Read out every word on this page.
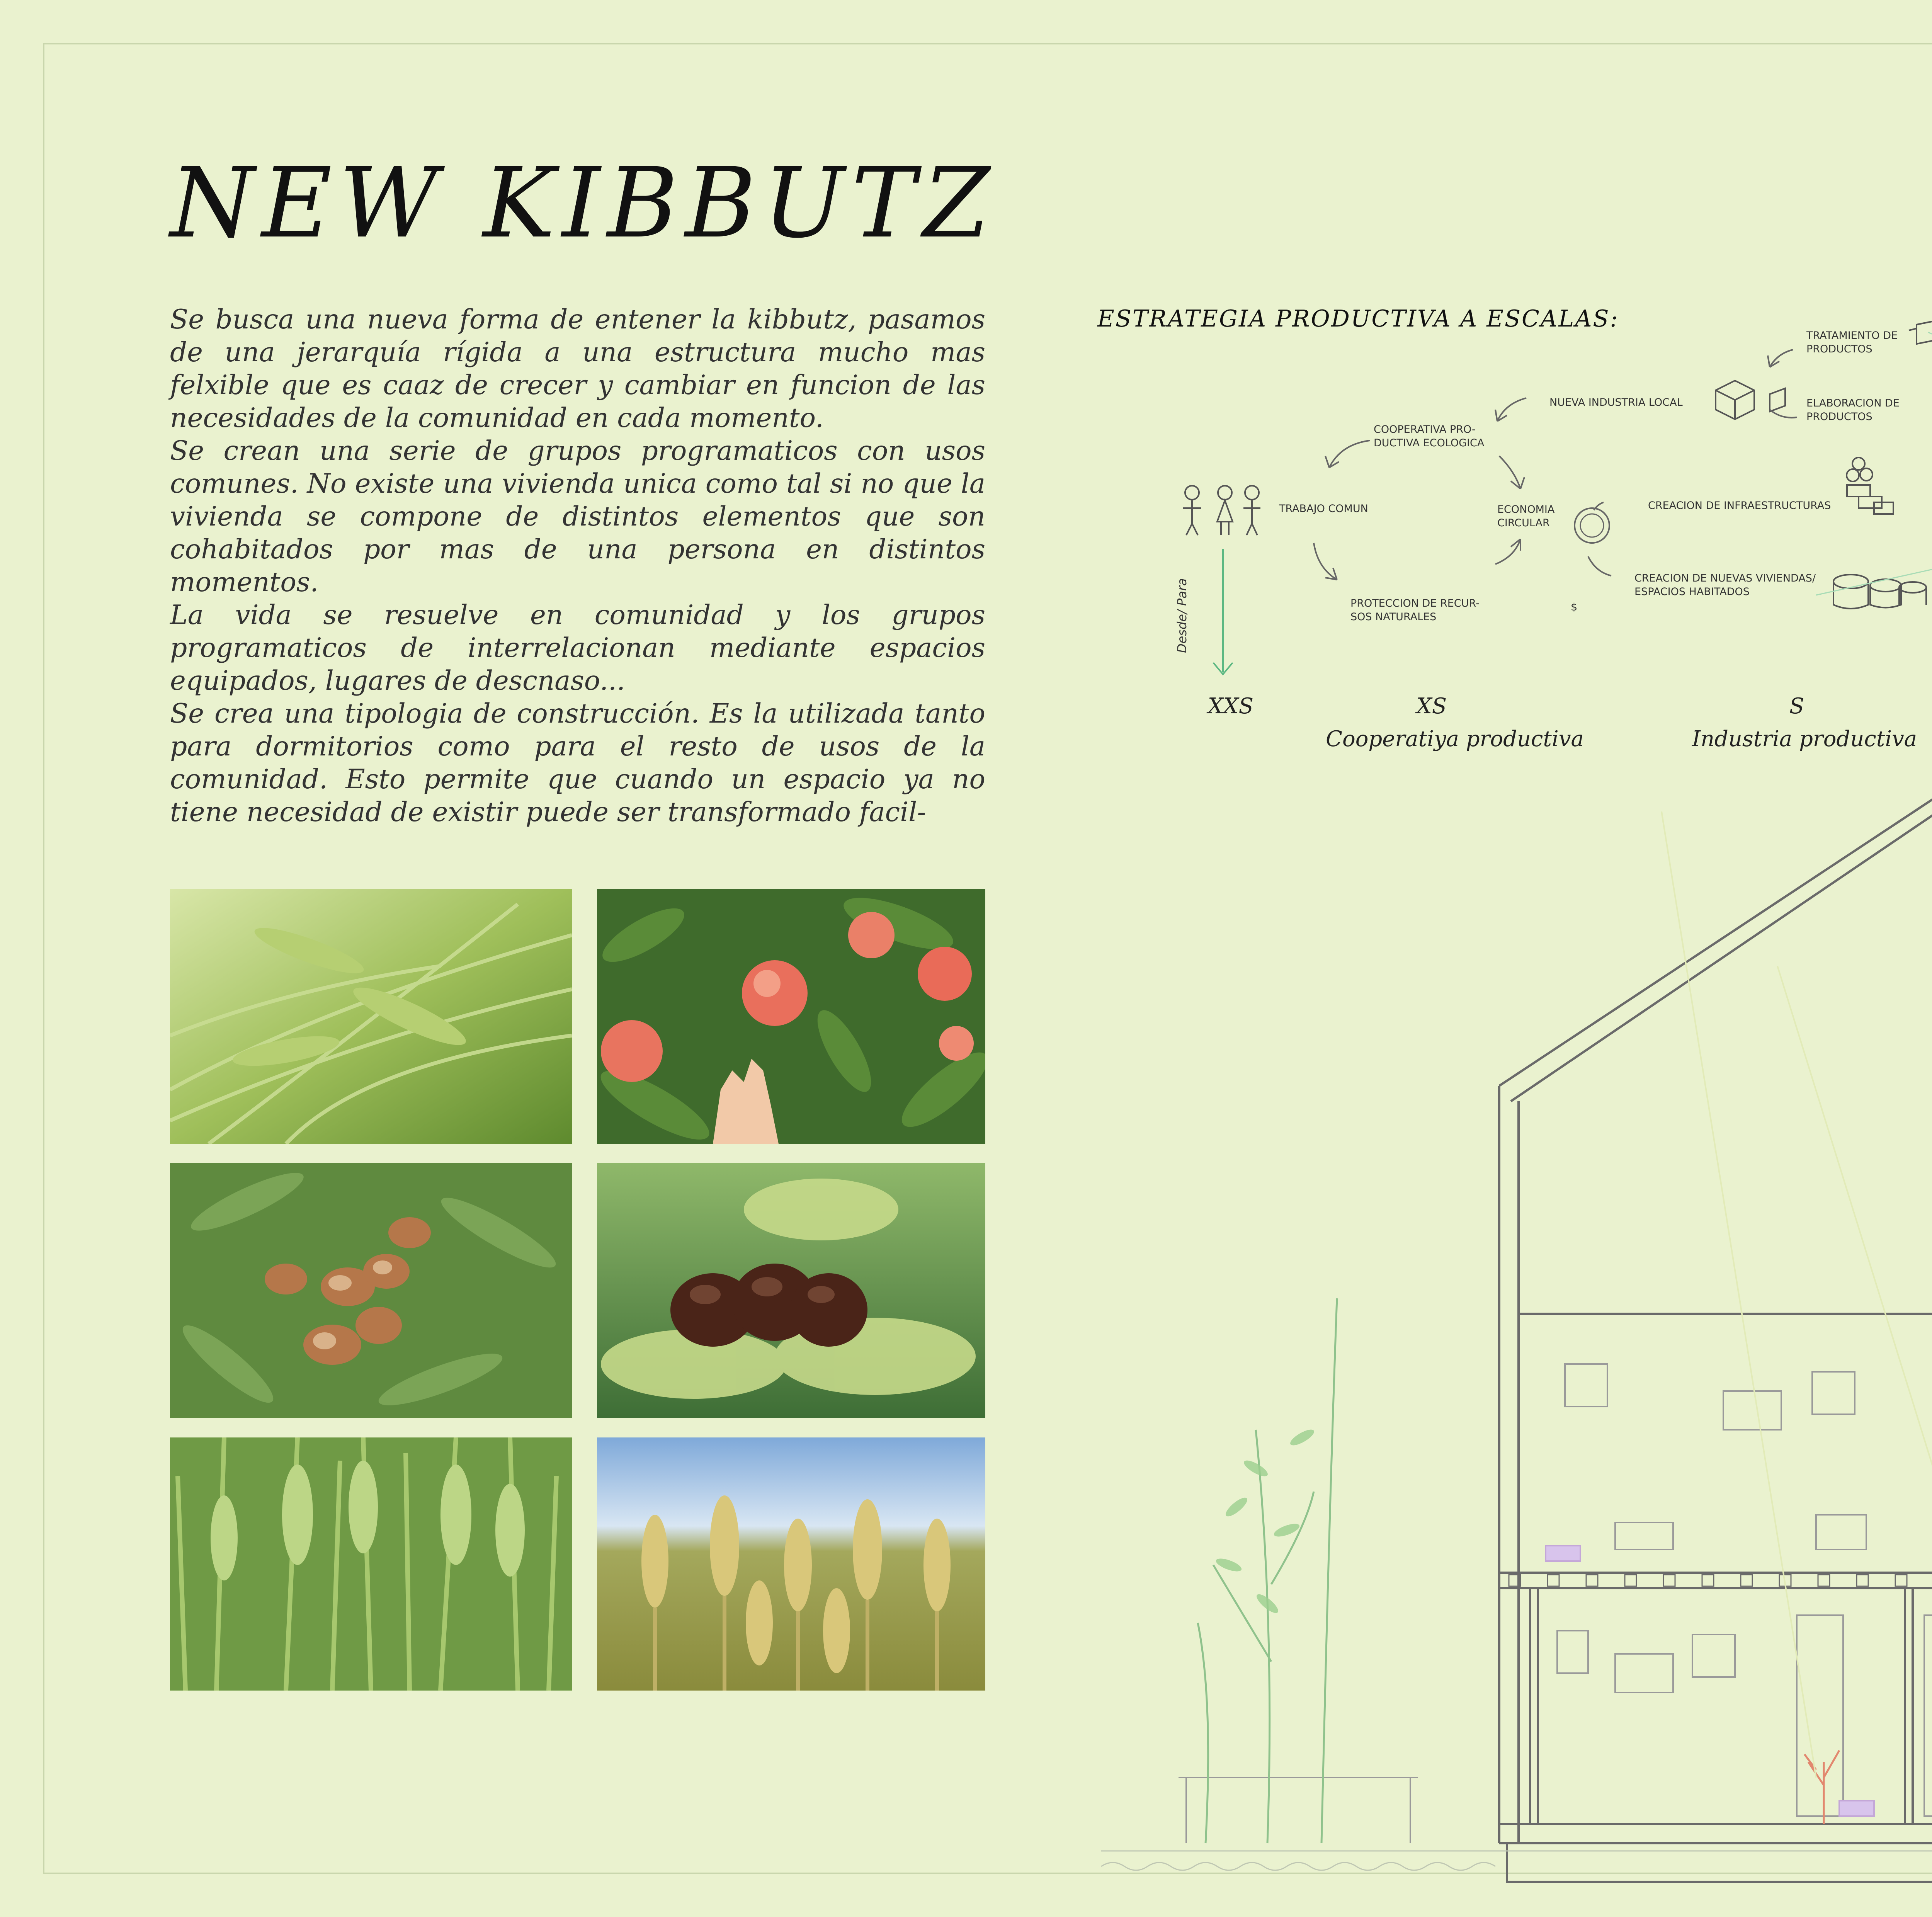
NEW KIBBUTZ

Se busca una nueva forma de entener la kibbutz, pasamos de una jerarquía rígida a una estructura mucho mas felxible que es caaz de crecer y cambiar en funcion de las necesidades de la comunidad en cada momento.

Se crean una serie de grupos programaticos con usos comunes. No existe una vivienda unica como tal si no que la vivienda se compone de distintos elementos que son cohabitados por mas de una persona en distintos momentos.

La vida se resuelve en comunidad y los grupos programaticos de interrelacionan mediante espacios equipados, lugares de descnaso...

Se crea una tipologia de construcción. Es la utilizada tanto para dormitorios como para el resto de usos de la comunidad. Esto permite que cuando un espacio ya no tiene necesidad de existir puede ser transformado facil-

ESTRATEGIA PRODUCTIVA A ESCALAS:
TRABAJO COMUN
COOPERATIVA PRO-
DUCTIVA ECOLOGICA
NUEVA INDUSTRIA LOCAL
ECONOMIA
CIRCULAR
PROTECCION DE RECUR-
SOS NATURALES
TRATAMIENTO DE
PRODUCTOS
ELABORACION DE
PRODUCTOS
CREACION DE INFRAESTRUCTURAS
CREACION DE NUEVAS VIVIENDAS/
ESPACIOS HABITADOS
$
Desde/ Para
XXS	XS
Cooperatiya productiva
S
Industria productiva
